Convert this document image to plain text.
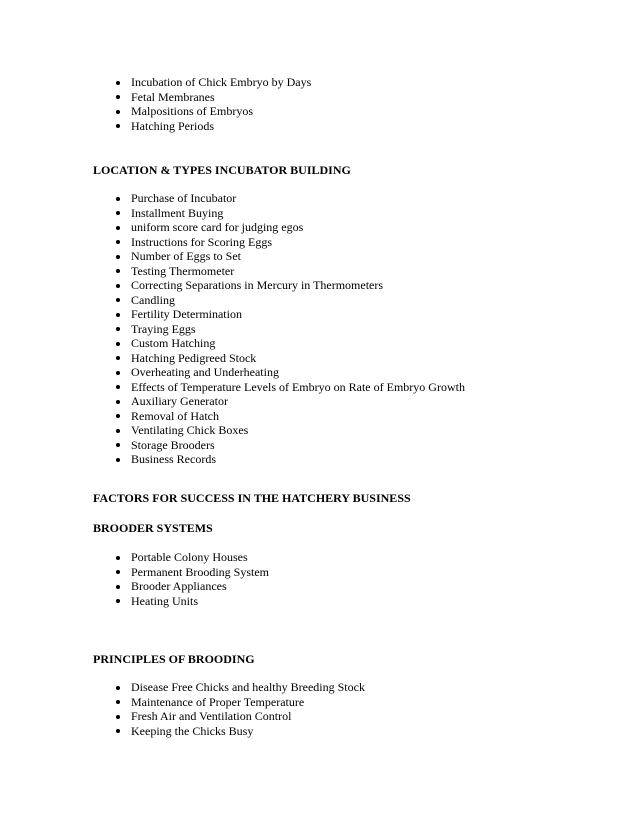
Incubation of Chick Embryo by Days
Fetal Membranes
Malpositions of Embryos
Hatching Periods
LOCATION & TYPES INCUBATOR BUILDING
Purchase of Incubator
Installment Buying
uniform score card for judging egos
Instructions for Scoring Eggs
Number of Eggs to Set
Testing Thermometer
Correcting Separations in Mercury in Thermometers
Candling
Fertility Determination
Traying Eggs
Custom Hatching
Hatching Pedigreed Stock
Overheating and Underheating
Effects of Temperature Levels of Embryo on Rate of Embryo Growth
Auxiliary Generator
Removal of Hatch
Ventilating Chick Boxes
Storage Brooders
Business Records
FACTORS FOR SUCCESS IN THE HATCHERY BUSINESS
BROODER SYSTEMS
Portable Colony Houses
Permanent Brooding System
Brooder Appliances
Heating Units
PRINCIPLES OF BROODING
Disease Free Chicks and healthy Breeding Stock
Maintenance of Proper Temperature
Fresh Air and Ventilation Control
Keeping the Chicks Busy
